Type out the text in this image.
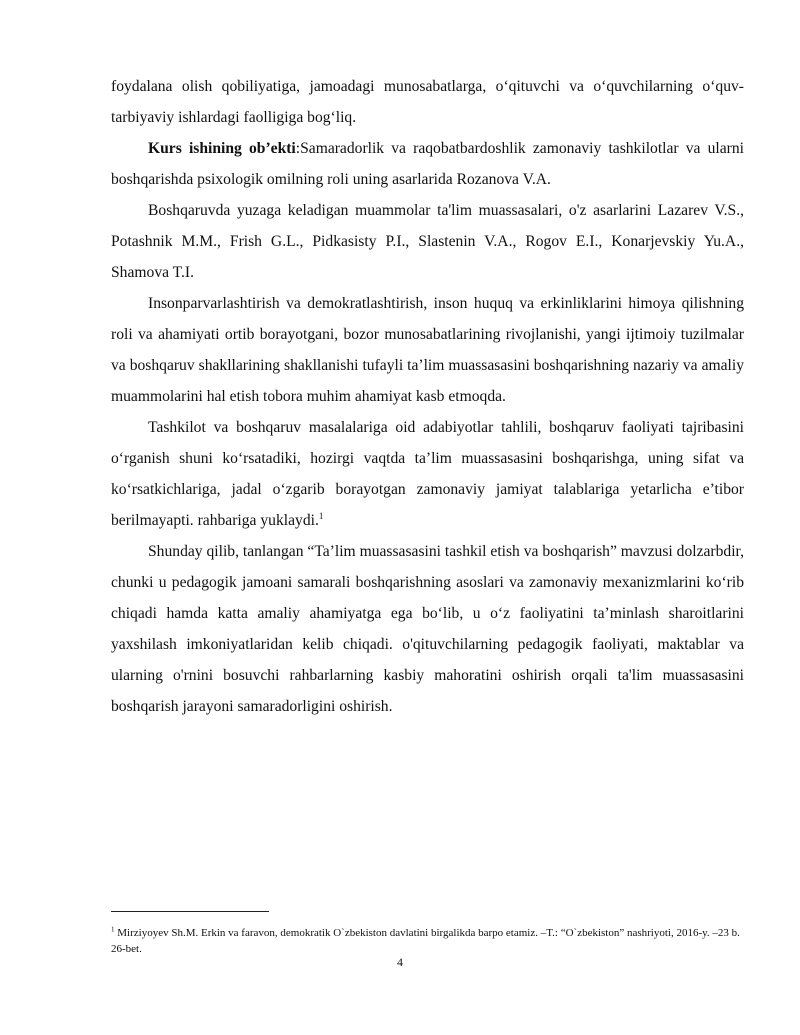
foydalana olish qobiliyatiga, jamoadagi munosabatlarga, o‘qituvchi va o‘quvchilarning o‘quv-tarbiyaviy ishlardagi faolligiga bog‘liq.

Kurs ishining ob’ekti:Samaradorlik va raqobatbardoshlik zamonaviy tashkilotlar va ularni boshqarishda psixologik omilning roli uning asarlarida Rozanova V.A.

Boshqaruvda yuzaga keladigan muammolar ta'lim muassasalari, o'z asarlarini Lazarev V.S., Potashnik M.M., Frish G.L., Pidkasisty P.I., Slastenin V.A., Rogov E.I., Konarjevskiy Yu.A., Shamova T.I.

Insonparvarlashtirish va demokratlashtirish, inson huquq va erkinliklarini himoya qilishning roli va ahamiyati ortib borayotgani, bozor munosabatlarining rivojlanishi, yangi ijtimoiy tuzilmalar va boshqaruv shakllarining shakllanishi tufayli ta’lim muassasasini boshqarishning nazariy va amaliy muammolarini hal etish tobora muhim ahamiyat kasb etmoqda.

Tashkilot va boshqaruv masalalariga oid adabiyotlar tahlili, boshqaruv faoliyati tajribasini o‘rganish shuni ko‘rsatadiki, hozirgi vaqtda ta’lim muassasasini boshqarishga, uning sifat va ko‘rsatkichlariga, jadal o‘zgarib borayotgan zamonaviy jamiyat talablariga yetarlicha e’tibor berilmayapti. rahbariga yuklaydi.$^1$

Shunday qilib, tanlangan “Ta’lim muassasasini tashkil etish va boshqarish” mavzusi dolzarbdir, chunki u pedagogik jamoani samarali boshqarishning asoslari va zamonaviy mexanizmlarini ko‘rib chiqadi hamda katta amaliy ahamiyatga ega bo‘lib, u o‘z faoliyatini ta’minlash sharoitlarini yaxshilash imkoniyatlaridan kelib chiqadi. o'qituvchilarning pedagogik faoliyati, maktablar va ularning o'rnini bosuvchi rahbarlarning kasbiy mahoratini oshirish orqali ta'lim muassasasini boshqarish jarayoni samaradorligini oshirish.

$^1$ Mirziyoyev Sh.M. Erkin va faravon, demokratik O`zbekiston davlatini birgalikda barpo etamiz. –T.: “O`zbekiston” nashriyoti, 2016-y. –23 b. 26-bet.
4
